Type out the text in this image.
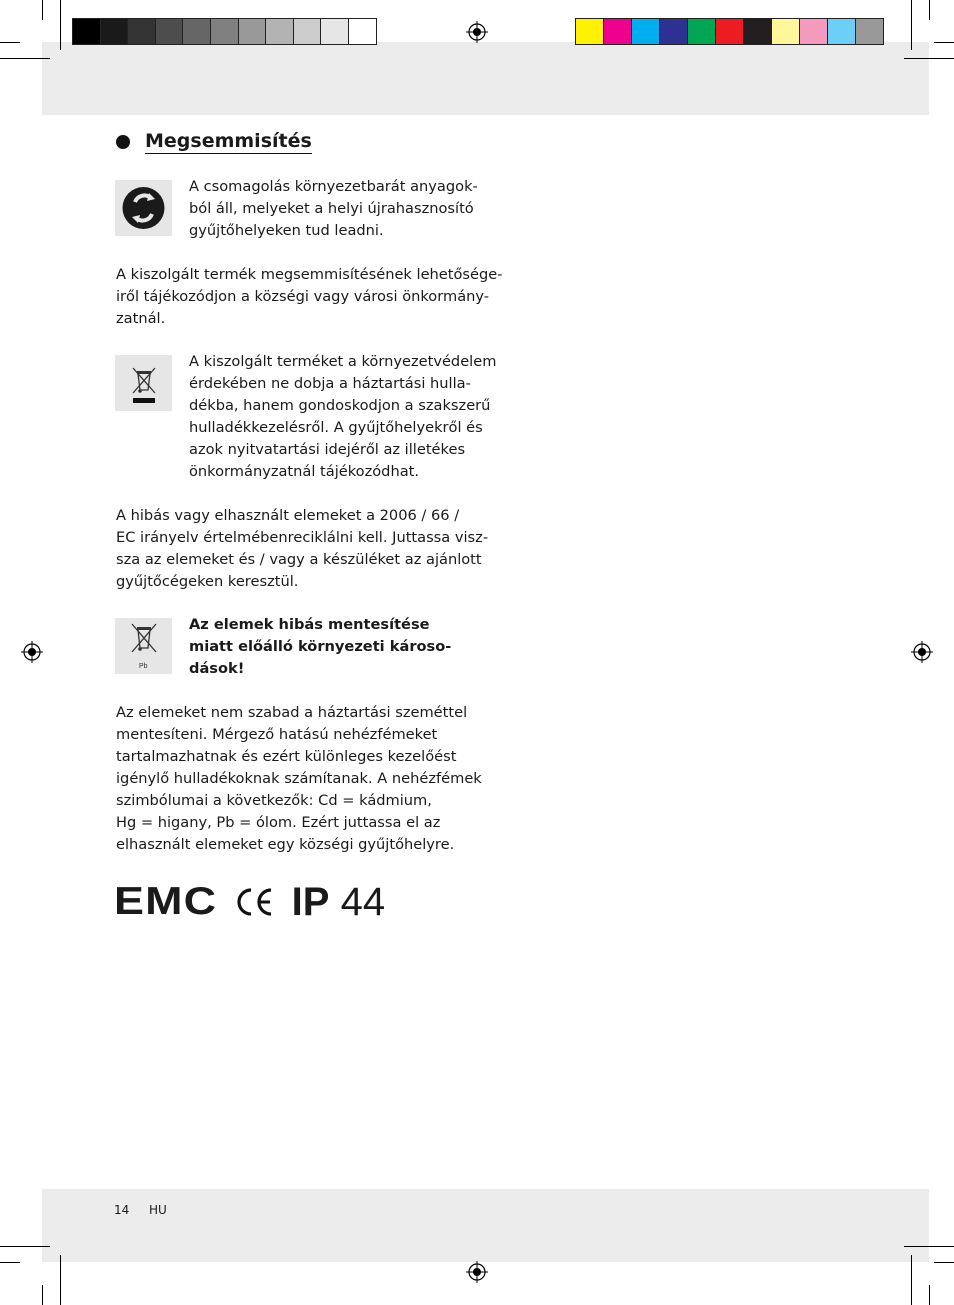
Megsemmisítés

A csomagolás környezetbarát anyagok-

ból áll, melyeket a helyi újrahasznosító

gyűjtőhelyeken tud leadni.

A kiszolgált termék megsemmisítésének lehetősége-

iről tájékozódjon a községi vagy városi önkormány-

zatnál.

A kiszolgált terméket a környezetvédelem

érdekében ne dobja a háztartási hulla-

dékba, hanem gondoskodjon a szakszerű

hulladékkezelésről. A gyűjtőhelyekről és

azok nyitvatartási idejéről az illetékes

önkormányzatnál tájékozódhat.

A hibás vagy elhasznált elemeket a 2006 / 66 /

EC irányelv értelmébenreciklálni kell. Juttassa visz-

sza az elemeket és / vagy a készüléket az ajánlott

gyűjtőcégeken keresztül.

Pb

Az elemek hibás mentesítése

miatt előálló környezeti károso-

dások!

Az elemeket nem szabad a háztartási szeméttel

mentesíteni. Mérgező hatású nehézfémeket

tartalmazhatnak és ezért különleges kezelőést

igénylő hulladékoknak számítanak. A nehézfémek

szimbólumai a következők: Cd = kádmium,

Hg = higany, Pb = ólom. Ezért juttassa el az

elhasznált elemeket egy községi gyűjtőhelyre.

EMC IP 44
14 HU
